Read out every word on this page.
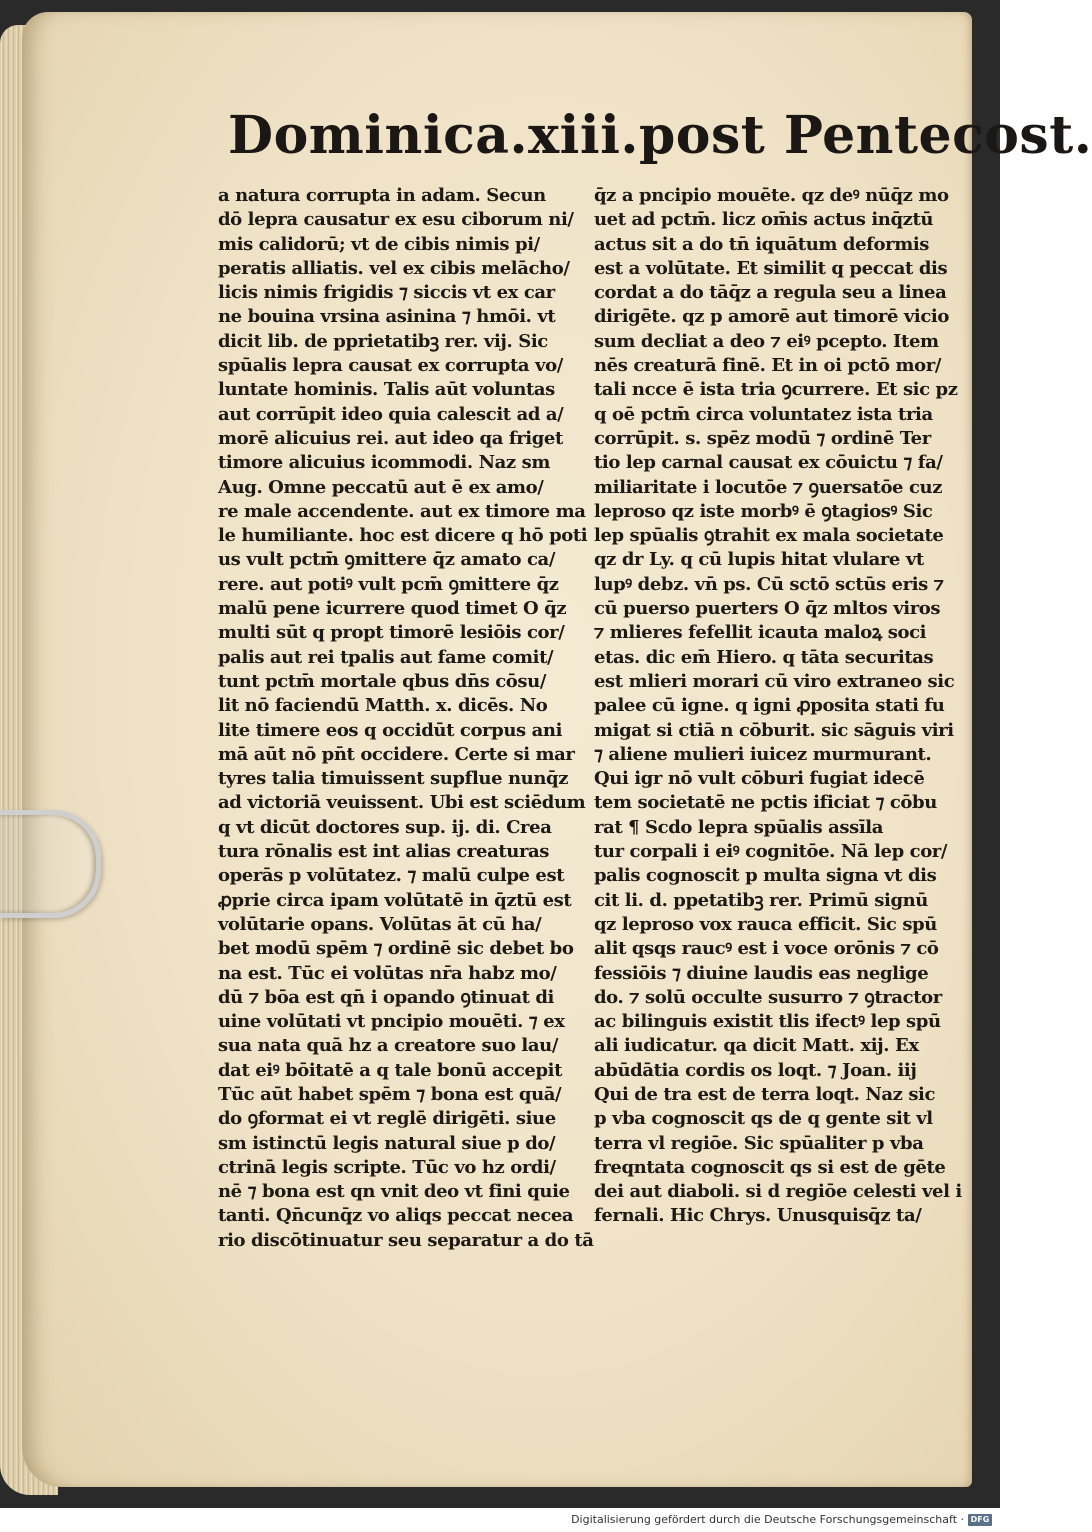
Dominica.xiii.post Pentecost.
a natura corrupta in adam. Secun
dō lepra causatur ex esu ciborum ni/
mis calidorū; vt de cibis nimis pi/
peratis alliatis. vel ex cibis melācho/
licis nimis frigidis ⁊ siccis vt ex car
ne bouina vrsina asinina ⁊ hmōi. vt
dicit lib. de pprietatibꝫ rer. vij. Sic
spūalis lepra causat ex corrupta vo/
luntate hominis. Talis aūt voluntas
aut corrūpit ideo quia calescit ad a/
morē alicuius rei. aut ideo qa friget
timore alicuius icommodi. Naz sm
Aug. Omne peccatū aut ē ex amo/
re male accendente. aut ex timore ma
le humiliante. hoc est dicere q hō poti
us vult pctm̄ ꝯmittere q̄z amato ca/
rere. aut potiꝰ vult pcm̄ ꝯmittere q̄z
malū pene icurrere quod timet O q̄z
multi sūt q propt timorē lesiōis cor/
palis aut rei tpalis aut fame comit/
tunt pctm̄ mortale qbus dn̄s cōsu/
lit nō faciendū Matth. x. dicēs. No
lite timere eos q occidūt corpus ani
mā aūt nō pn̄t occidere. Certe si mar
tyres talia timuissent supflue nunq̄z
ad victoriā veuissent. Ubi est sciēdum
q vt dicūt doctores sup. ij. di. Crea
tura rōnalis est int alias creaturas
operās p volūtatez. ⁊ malū culpe est
ꝓprie circa ipam volūtatē in q̄ztū est
volūtarie opans. Volūtas āt cū ha/
bet modū spēm ⁊ ordinē sic debet bo
na est. Tūc ei volūtas nr̄a habz mo/
dū ⁊ bōa est qn̄ i opando ꝯtinuat di
uine volūtati vt pncipio mouēti. ⁊ ex
sua nata quā hz a creatore suo lau/
dat eiꝰ bōitatē a q tale bonū accepit
Tūc aūt habet spēm ⁊ bona est quā/
do ꝯformat ei vt reglē dirigēti. siue
sm istinctū legis natural siue p do/
ctrinā legis scripte. Tūc vo hz ordi/
nē ⁊ bona est qn vnit deo vt fini quie
tanti. Qn̄cunq̄z vo aliqs peccat necea
rio discōtinuatur seu separatur a do tā
q̄z a pncipio mouēte. qz deꝰ nūq̄z mo
uet ad pctm̄. licz om̄is actus inq̄ztū
actus sit a do tn̄ iquātum deformis
est a volūtate. Et similit q peccat dis
cordat a do tāq̄z a regula seu a linea
dirigēte. qz p amorē aut timorē vicio
sum decliat a deo ⁊ eiꝰ pcepto. Item
nēs creaturā finē. Et in oi pctō mor/
tali ncce ē ista tria ꝯcurrere. Et sic pz
q oē pctm̄ circa voluntatez ista tria
corrūpit. s. spēz modū ⁊ ordinē Ter
tio lep carnal causat ex cōuictu ⁊ fa/
miliaritate i locutōe ⁊ ꝯuersatōe cuz
leproso qz iste morbꝰ ē ꝯtagiosꝰ Sic
lep spūalis ꝯtrahit ex mala societate
qz dr Ly. q cū lupis hitat vlulare vt
lupꝰ debz. vn̄ ps. Cū sctō sctūs eris ⁊
cū puerso puerters O q̄z mltos viros
⁊ mlieres fefellit icauta maloꝝ soci
etas. dic em̄ Hiero. q tāta securitas
est mlieri morari cū viro extraneo sic
palee cū igne. q igni ꝓposita stati fu
migat si ctiā n cōburit. sic sāguis viri
⁊ aliene mulieri iuicez murmurant.
Qui igr nō vult cōburi fugiat idecē
tem societatē ne pctis ificiat ⁊ cōbu
rat ¶ Scdo lepra spūalis assīla
tur corpali i eiꝰ cognitōe. Nā lep cor/
palis cognoscit p multa signa vt dis
cit li. d. ppetatibꝫ rer. Primū signū
qz leproso vox rauca efficit. Sic spū
alit qsqs raucꝰ est i voce orōnis ⁊ cō
fessiōis ⁊ diuine laudis eas neglige
do. ⁊ solū occulte susurro ⁊ ꝯtractor
ac bilinguis existit tlis ifectꝰ lep spū
ali iudicatur. qa dicit Matt. xij. Ex
abūdātia cordis os loqt. ⁊ Joan. iij
Qui de tra est de terra loqt. Naz sic
p vba cognoscit qs de q gente sit vl
terra vl regiōe. Sic spūaliter p vba
freqntata cognoscit qs si est de gēte
dei aut diaboli. si d regiōe celesti vel i
fernali. Hic Chrys. Unusquisq̄z ta/
Digitalisierung gefördert durch die Deutsche Forschungsgemeinschaft · DFG
